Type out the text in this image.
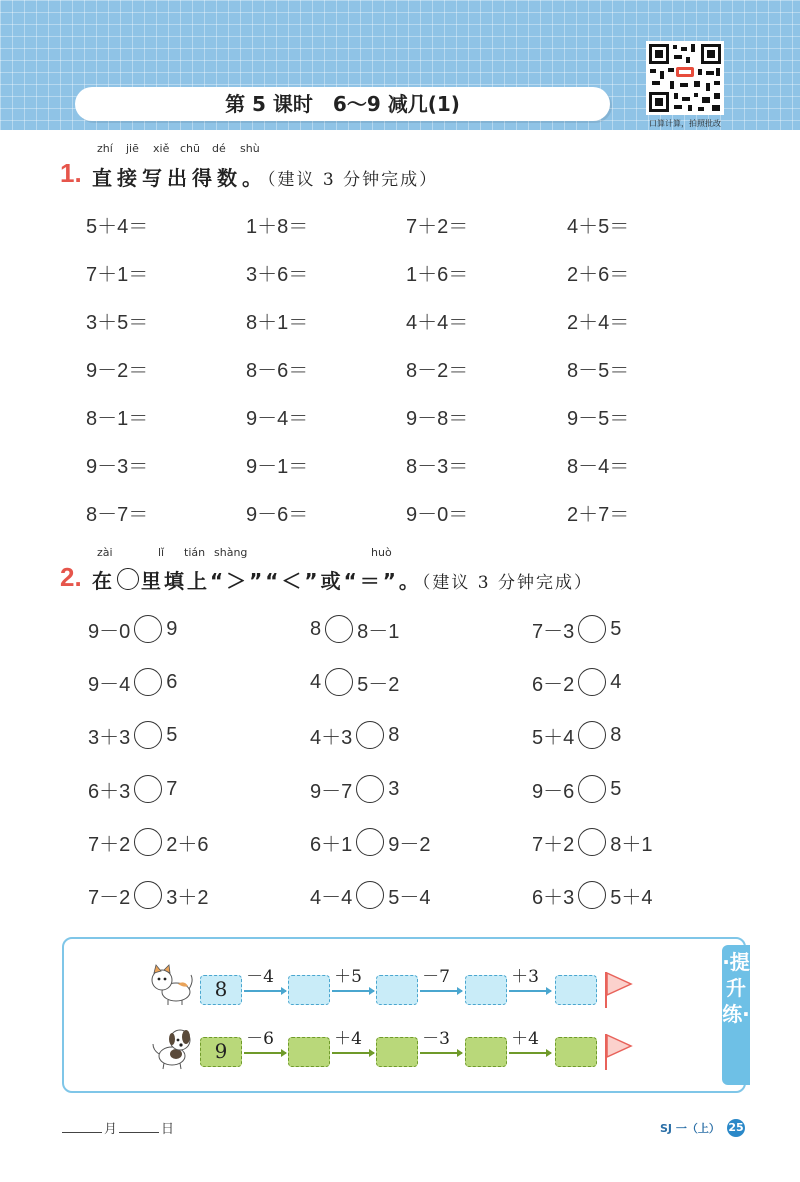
第 5 课时　6～9 减几(1)
口算计算，拍照批改
zhí jiē xiě chū dé shù
1. 直接写出得数。（建议 3 分钟完成）
5＋4＝	1＋8＝	7＋2＝	4＋5＝
7＋1＝	3＋6＝	1＋6＝	2＋6＝
3＋5＝	8＋1＝	4＋4＝	2＋4＝
9－2＝	8－6＝	8－2＝	8－5＝
8－1＝	9－4＝	9－8＝	9－5＝
9－3＝	9－1＝	8－3＝	8－4＝
8－7＝	9－6＝	9－0＝	2＋7＝
zài	lǐ tián shàng	huò
2. 在 里填上“＞”“＜”或“＝”。（建议 3 分钟完成）
9－0 9	8 8－1	7－3 5
9－4 6	4 5－2	6－2 4
3＋3 5	4＋3 8	5＋4 8
6＋3 7	9－7 3	9－6 5
7＋2 2＋6	6＋1 9－2	7＋2 8＋1
7－2 3＋2	4－4 5－4	6＋3 5＋4
·提升练·
8	－4	＋5	－7	＋3
9	－6	＋4	－3	＋4
月	日	SJ 一（上） 25
